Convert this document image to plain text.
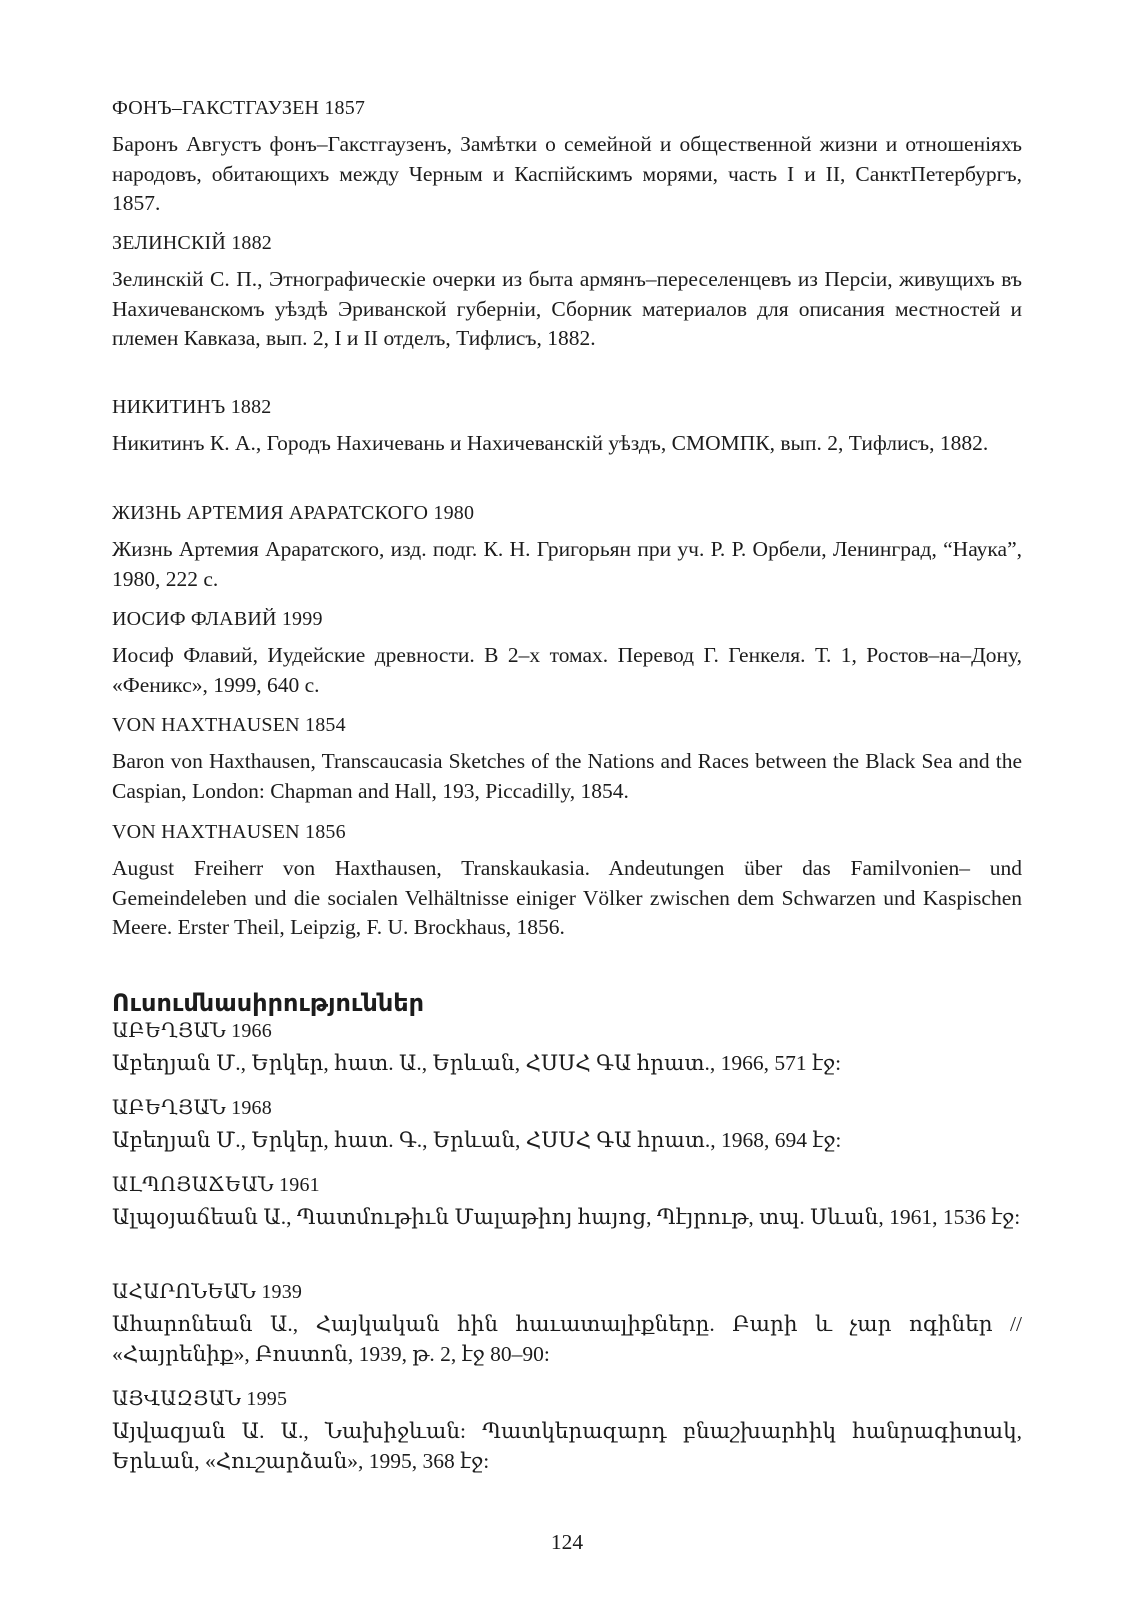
ФОНЪ–ГАКСТГАУЗЕН 1857
Баронъ Августъ фонъ–Гакстгаузенъ, Замѣтки о семейной и общественной жизни и отношеніяхъ народовъ, обитающихъ между Черным и Каспійскимъ морями, часть I и II, СанктПетербургъ, 1857.
ЗЕЛИНСКІЙ 1882
Зелинскій С. П., Этнографическіе очерки из быта армянъ–переселенцевъ из Персіи, живущихъ въ Нахичеванскомъ уѣздѣ Эриванской губерніи, Сборник материалов для описания местностей и племен Кавказа, вып. 2, I и II отделъ, Тифлисъ, 1882.
НИКИТИНЪ 1882
Никитинъ К. А., Городъ Нахичевань и Нахичеванскій уѣздъ, СМОМПК, вып. 2, Тифлисъ, 1882.
ЖИЗНЬ АРТЕМИЯ АРАРАТСКОГО 1980
Жизнь Артемия Араратского, изд. подг. К. Н. Григорьян при уч. Р. Р. Орбели, Ленинград, “Наука”, 1980, 222 с.
ИОСИФ ФЛАВИЙ 1999
Иосиф Флавий, Иудейские древности. В 2–х томах. Перевод Г. Генкеля. Т. 1, Ростов–на–Дону, «Феникс», 1999, 640 с.
VON HAXTHAUSEN 1854
Baron von Haxthausen, Transcaucasia Sketches of the Nations and Races between the Black Sea and the Caspian, London: Chapman and Hall, 193, Piccadilly, 1854.
VON HAXTHAUSEN 1856
August Freiherr von Haxthausen, Transkaukasia. Andeutungen über das Familvonien– und Gemeindeleben und die socialen Velhältnisse einiger Völker zwischen dem Schwarzen und Kaspischen Meere. Erster Theil, Leipzig, F. U. Brockhaus, 1856.
Ուսումնասիրություններ
ԱԲԵՂՅԱՆ 1966
Աբեղյան Մ., Երկեր, հատ. Ա., Երևան, ՀՍՍՀ ԳԱ հրատ., 1966, 571 էջ:
ԱԲԵՂՅԱՆ 1968
Աբեղյան Մ., Երկեր, հատ. Գ., Երևան, ՀՍՍՀ ԳԱ հրատ., 1968, 694 էջ:
ԱԼՊՈՅԱՃԵԱՆ 1961
Ալպօյաճեան Ա., Պատմութիւն Մալաթիոյ հայոց, Պէյրութ, տպ. Սևան, 1961, 1536 էջ:
ԱՀԱՐՈՆԵԱՆ 1939
Ահարոնեան Ա., Հայկական հին հաւատալիքները. Բարի և չար ոգիներ // «Հայրենիք», Բոստոն, 1939, թ. 2, էջ 80–90:
ԱՅՎԱԶՅԱՆ 1995
Այվազյան Ա. Ա., Նախիջևան: Պատկերազարդ բնաշխարհիկ հանրագիտակ, Երևան, «Հուշարձան», 1995, 368 էջ:
124
